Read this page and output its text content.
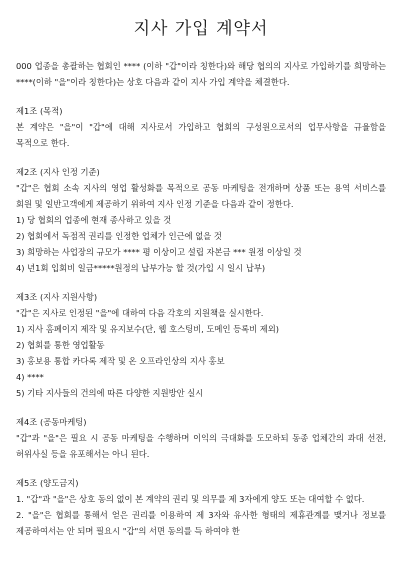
지사 가입 계약서

000 업종을 총괄하는 협회인 **** (이하 "갑"이라 칭한다)와 해당 협의의 지사로 가입하기를 희망하는 ****(이하 "을"이라 칭한다)는 상호 다음과 같이 지사 가입 계약을 체결한다.

제1조 (목적)

본 계약은 "을"이 "갑"에 대해 지사로서 가입하고 협회의 구성원으로서의 업무사항을 규율함을 목적으로 한다.

제2조 (지사 인정 기준)

"갑"은 협회 소속 지사의 영업 활성화를 목적으로 공동 마케팅을 전개하며 상품 또는 용역 서비스를 회원 및 일반고객에게 제공하기 위하여 지사 인정 기준을 다음과 같이 정한다.

1) 당 협회의 업종에 현재 종사하고 있을 것

2) 협회에서 독점적 권리를 인정한 업체가 인근에 없을 것

3) 희망하는 사업장의 규모가 **** 평 이상이고 설립 자본금 *** 원정 이상일 것

4) 년1회 입회비 일금*****원정의 납부가능 할 것(가입 시 일시 납부)

제3조 (지사 지원사항)

"갑"은 지사로 인정된 "을"에 대하여 다음 각호의 지원책을 실시한다.

1) 지사 홈페이지 제작 및 유지보수(단, 웹 호스팅비, 도메인 등록비 제외)

2) 협회를 통한 영업활동

3) 홍보용 통합 카다록 제작 및 온 오프라인상의 지사 홍보

4) ****

5) 기타 지사들의 건의에 따른 다양한 지원방안 실시

제4조 (공동마케팅)

"갑"과 "을"은 필요 시 공동 마케팅을 수행하며 이익의 극대화를 도모하되 동종 업체간의 과대 선전, 허위사실 등을 유포해서는 아니 된다.

제5조 (양도금지)

1. "갑"과 "을"은 상호 동의 없이 본 계약의 권리 및 의무를 제 3자에게 양도 또는 대여할 수 없다.

2. "을"은 협회를 통해서 얻은 권리를 이용하여 제 3자와 유사한 형태의 제휴관계를 맺거나 정보를 제공하여서는 안 되며 필요시 "갑"의 서면 동의를 득 하여야 한
